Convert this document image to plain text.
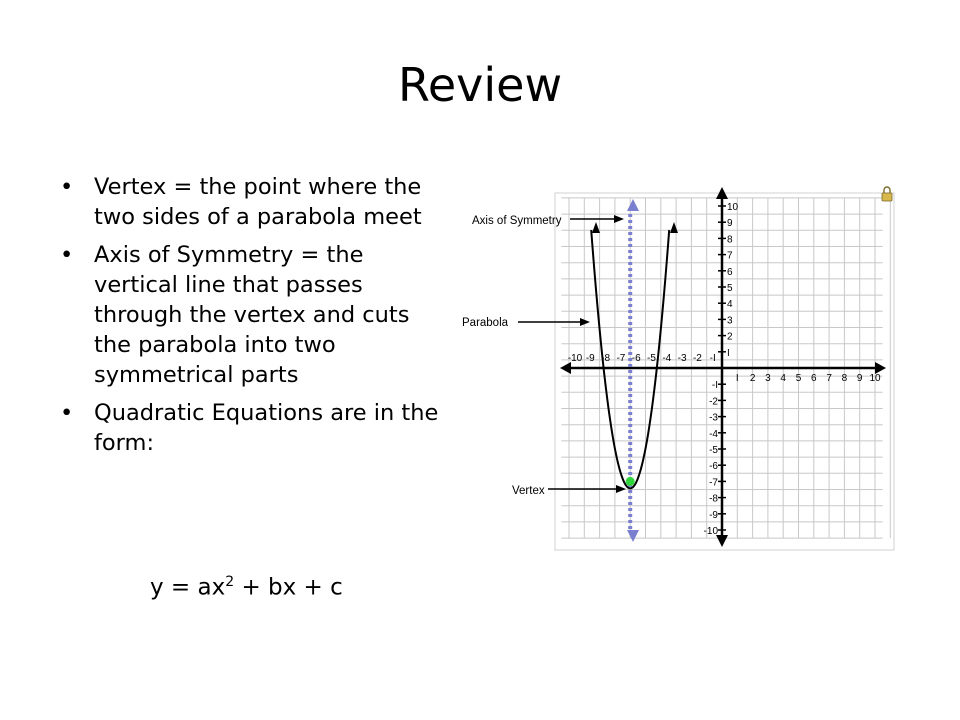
Review
• Vertex = the point where the two sides of a parabola meet
• Axis of Symmetry = the vertical line that passes through the vertex and cuts the parabola into two symmetrical parts
• Quadratic Equations are in the form:
$y = ax^2$ + bx + c
-10 -9 -8 -7 -6 -5 -4 -3 -2 -I
I 2 3 4 5 6 7 8 9 10
10
9
8
7
6
5
4
3
2
I
-I
-2
-3
-4
-5
-6
-7
-8
-9
-10
Axis of Symmetry
Parabola
Vertex
